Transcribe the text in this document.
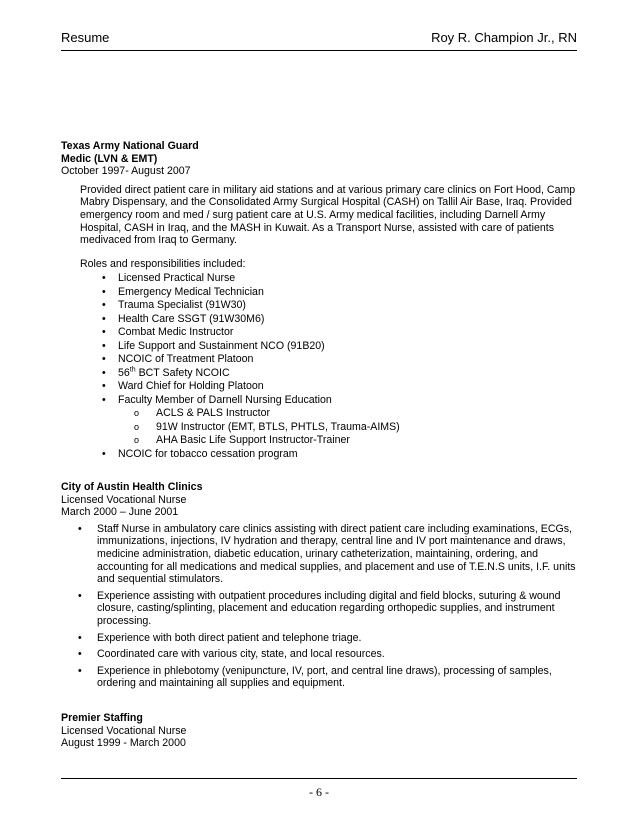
Resume	Roy R. Champion Jr., RN
Texas Army National Guard
Medic (LVN & EMT)
October 1997- August 2007
Provided direct patient care in military aid stations and at various primary care clinics on Fort Hood, Camp Mabry Dispensary, and the Consolidated Army Surgical Hospital (CASH) on Tallil Air Base, Iraq. Provided emergency room and med / surg patient care at U.S. Army medical facilities, including Darnell Army Hospital, CASH in Iraq, and the MASH in Kuwait. As a Transport Nurse, assisted with care of patients medivaced from Iraq to Germany.
Roles and responsibilities included:
• Licensed Practical Nurse
• Emergency Medical Technician
• Trauma Specialist (91W30)
• Health Care SSGT (91W30M6)
• Combat Medic Instructor
• Life Support and Sustainment NCO (91B20)
• NCOIC of Treatment Platoon
• 56th BCT Safety NCOIC
• Ward Chief for Holding Platoon
• Faculty Member of Darnell Nursing Education
o ACLS & PALS Instructor
o 91W Instructor (EMT, BTLS, PHTLS, Trauma-AIMS)
o AHA Basic Life Support Instructor-Trainer
• NCOIC for tobacco cessation program
City of Austin Health Clinics
Licensed Vocational Nurse
March 2000 – June 2001
• Staff Nurse in ambulatory care clinics assisting with direct patient care including examinations, ECGs, immunizations, injections, IV hydration and therapy, central line and IV port maintenance and draws, medicine administration, diabetic education, urinary catheterization, maintaining, ordering, and accounting for all medications and medical supplies, and placement and use of T.E.N.S units, I.F. units and sequential stimulators.
• Experience assisting with outpatient procedures including digital and field blocks, suturing & wound closure, casting/splinting, placement and education regarding orthopedic supplies, and instrument processing.
• Experience with both direct patient and telephone triage.
• Coordinated care with various city, state, and local resources.
• Experience in phlebotomy (venipuncture, IV, port, and central line draws), processing of samples, ordering and maintaining all supplies and equipment.
Premier Staffing
Licensed Vocational Nurse
August 1999 - March 2000
- 6 -
